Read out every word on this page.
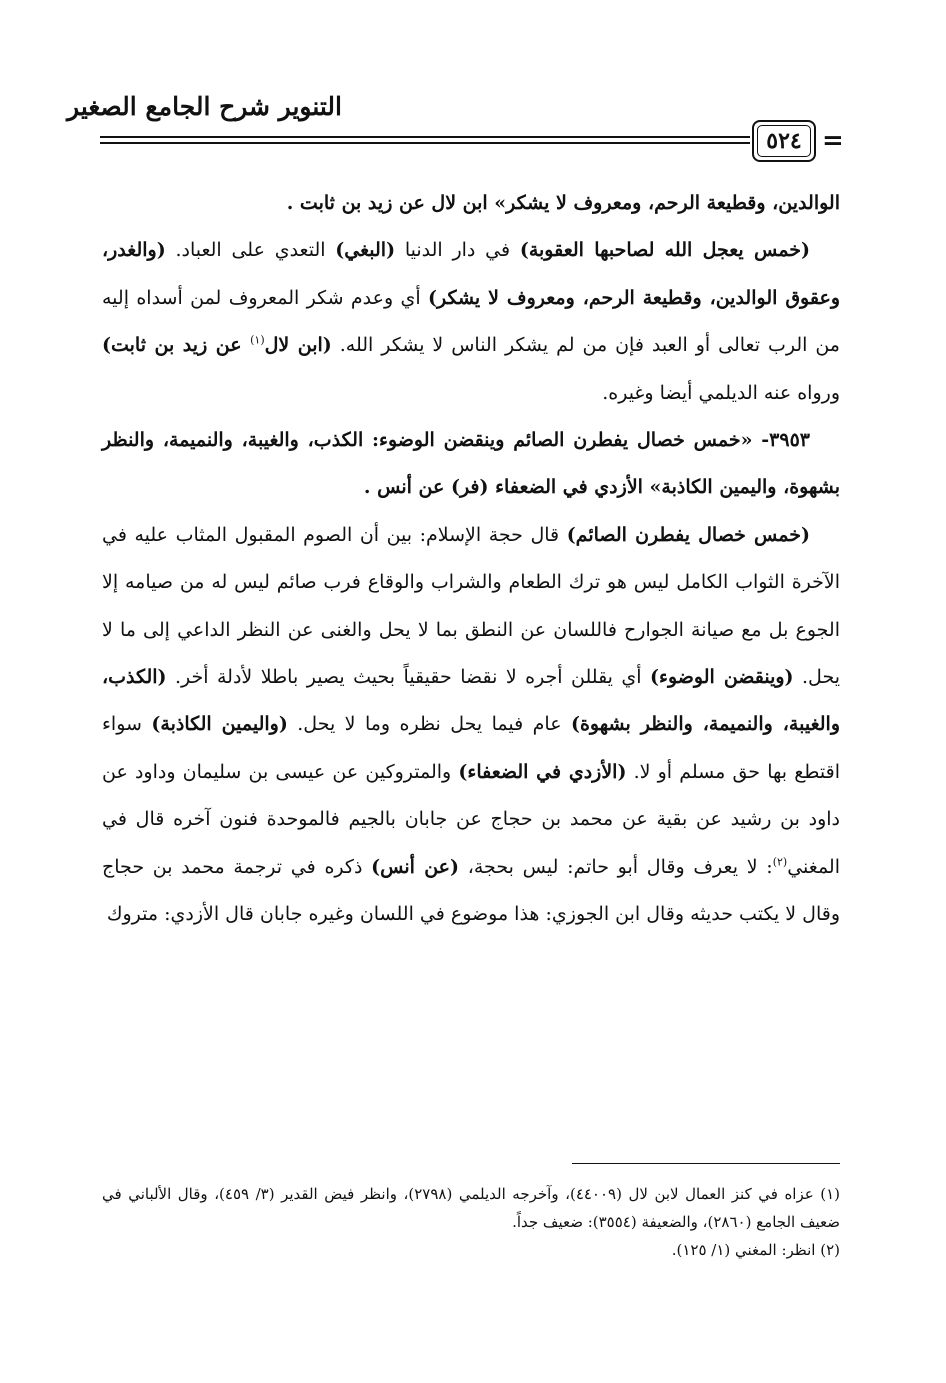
التنوير شرح الجامع الصغير
٥٢٤ =

الوالدين، وقطيعة الرحم، ومعروف لا يشكر» ابن لال عن زيد بن ثابت .

(خمس يعجل الله لصاحبها العقوبة) في دار الدنيا (البغي) التعدي على العباد. (والغدر، وعقوق الوالدين، وقطيعة الرحم، ومعروف لا يشكر) أي وعدم شكر المعروف لمن أسداه إليه من الرب تعالى أو العبد فإن من لم يشكر الناس لا يشكر الله. (ابن لال$^{(١)}$ عن زيد بن ثابت) ورواه عنه الديلمي أيضا وغيره.

٣٩٥٣- «خمس خصال يفطرن الصائم وينقضن الوضوء: الكذب، والغيبة، والنميمة، والنظر بشهوة، واليمين الكاذبة» الأزدي في الضعفاء (فر) عن أنس .

(خمس خصال يفطرن الصائم) قال حجة الإسلام: بين أن الصوم المقبول المثاب عليه في الآخرة الثواب الكامل ليس هو ترك الطعام والشراب والوقاع فرب صائم ليس له من صيامه إلا الجوع بل مع صيانة الجوارح فاللسان عن النطق بما لا يحل والغنى عن النظر الداعي إلى ما لا يحل. (وينقضن الوضوء) أي يقللن أجره لا نقضا حقيقياً بحيث يصير باطلا لأدلة أخر. (الكذب، والغيبة، والنميمة، والنظر بشهوة) عام فيما يحل نظره وما لا يحل. (واليمين الكاذبة) سواء اقتطع بها حق مسلم أو لا. (الأزدي في الضعفاء) والمتروكين عن عيسى بن سليمان وداود عن داود بن رشيد عن بقية عن محمد بن حجاج عن جابان بالجيم فالموحدة فنون آخره قال في المغني$^{(٢)}$: لا يعرف وقال أبو حاتم: ليس بحجة، (عن أنس) ذكره في ترجمة محمد بن حجاج وقال لا يكتب حديثه وقال ابن الجوزي: هذا موضوع في اللسان وغيره جابان قال الأزدي: متروك

(١) عزاه في كنز العمال لابن لال (٤٤٠٠٩)، وآخرجه الديلمي (٢٧٩٨)، وانظر فيض القدير (٣/ ٤٥٩)، وقال الألباني في ضعيف الجامع (٢٨٦٠)، والضعيفة (٣٥٥٤): ضعيف جداً.

(٢) انظر: المغني (١/ ١٢٥).
